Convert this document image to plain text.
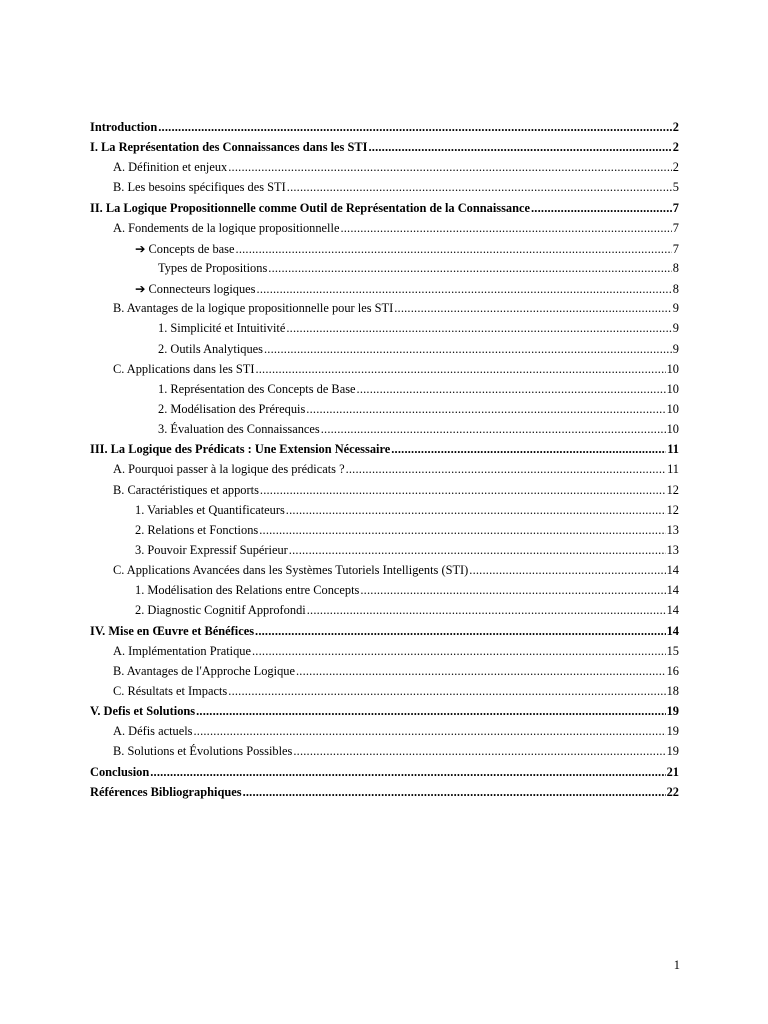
Introduction .....	2
I. La Représentation des Connaissances dans les STI .....	2
A. Définition et enjeux .....	2
B. Les besoins spécifiques des STI .....	5
II. La Logique Propositionnelle comme Outil de Représentation de la Connaissance .....	7
A. Fondements de la logique propositionnelle .....	7
➔ Concepts de base .....	7
Types de Propositions .....	8
➔ Connecteurs logiques .....	8
B. Avantages de la logique propositionnelle pour les STI .....	9
1. Simplicité et Intuitivité .....	9
2. Outils Analytiques .....	9
C. Applications dans les STI .....	10
1. Représentation des Concepts de Base .....	10
2. Modélisation des Prérequis .....	10
3. Évaluation des Connaissances .....	10
III. La Logique des Prédicats : Une Extension Nécessaire .....	11
A. Pourquoi passer à la logique des prédicats ? .....	11
B. Caractéristiques et apports .....	12
1. Variables et Quantificateurs .....	12
2. Relations et Fonctions .....	13
3. Pouvoir Expressif Supérieur .....	13
C. Applications Avancées dans les Systèmes Tutoriels Intelligents (STI) .....	14
1. Modélisation des Relations entre Concepts .....	14
2. Diagnostic Cognitif Approfondi .....	14
IV. Mise en Œuvre et Bénéfices .....	14
A. Implémentation Pratique .....	15
B. Avantages de l'Approche Logique .....	16
C. Résultats et Impacts .....	18
V. Defis et Solutions .....	19
A. Défis actuels .....	19
B. Solutions et Évolutions Possibles .....	19
Conclusion .....	21
Références Bibliographiques .....	22
1
